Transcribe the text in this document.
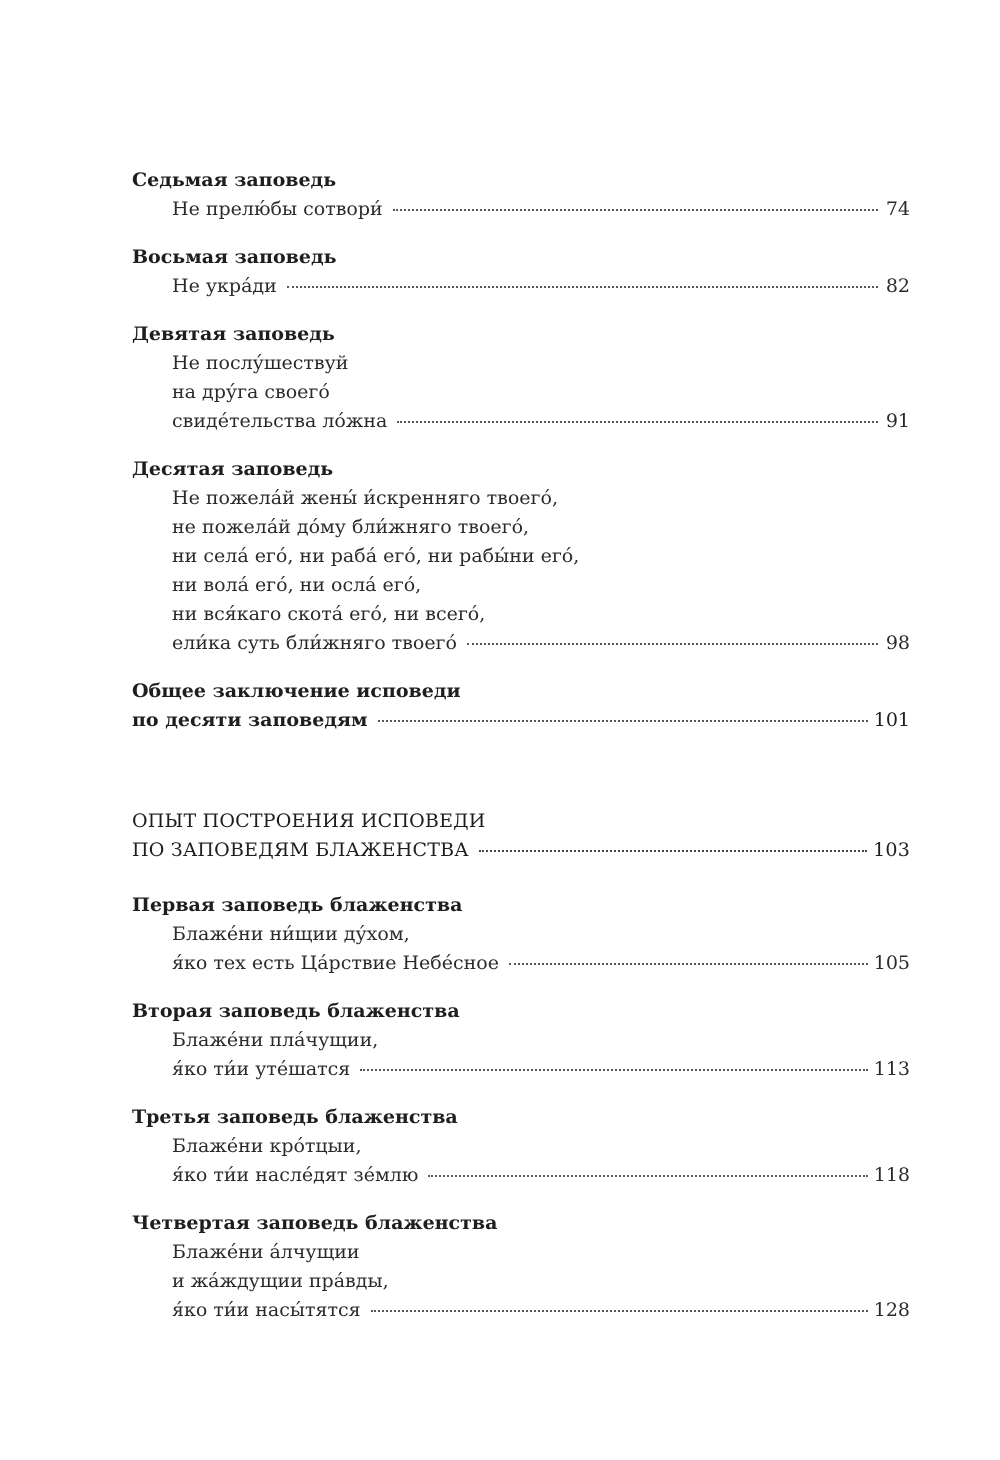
Седьмая заповедь
Не прелю́бы сотвори́	74
Восьмая заповедь
Не укра́ди	82
Девятая заповедь
Не послу́шествуй
на дру́га своего́
свиде́тельства ло́жна	91
Десятая заповедь
Не пожела́й жены́ и́скренняго твоего́,
не пожела́й до́му бли́жняго твоего́,
ни села́ его́, ни раба́ его́, ни рабы́ни его́,
ни вола́ его́, ни осла́ его́,
ни вся́каго скота́ его́, ни всего́,
ели́ка суть бли́жняго твоего́	98
Общее заключение исповеди
по десяти заповедям	101
ОПЫТ ПОСТРОЕНИЯ ИСПОВЕДИ
ПО ЗАПОВЕДЯМ БЛАЖЕНСТВА	103
Первая заповедь блаженства
Блаже́ни ни́щии ду́хом,
я́ко тех есть Ца́рствие Небе́сное	105
Вторая заповедь блаженства
Блаже́ни пла́чущии,
я́ко ти́и уте́шатся	113
Третья заповедь блаженства
Блаже́ни кро́тцыи,
я́ко ти́и насле́дят зе́млю	118
Четвертая заповедь блаженства
Блаже́ни а́лчущии
и жа́ждущии пра́вды,
я́ко ти́и насы́тятся	128
